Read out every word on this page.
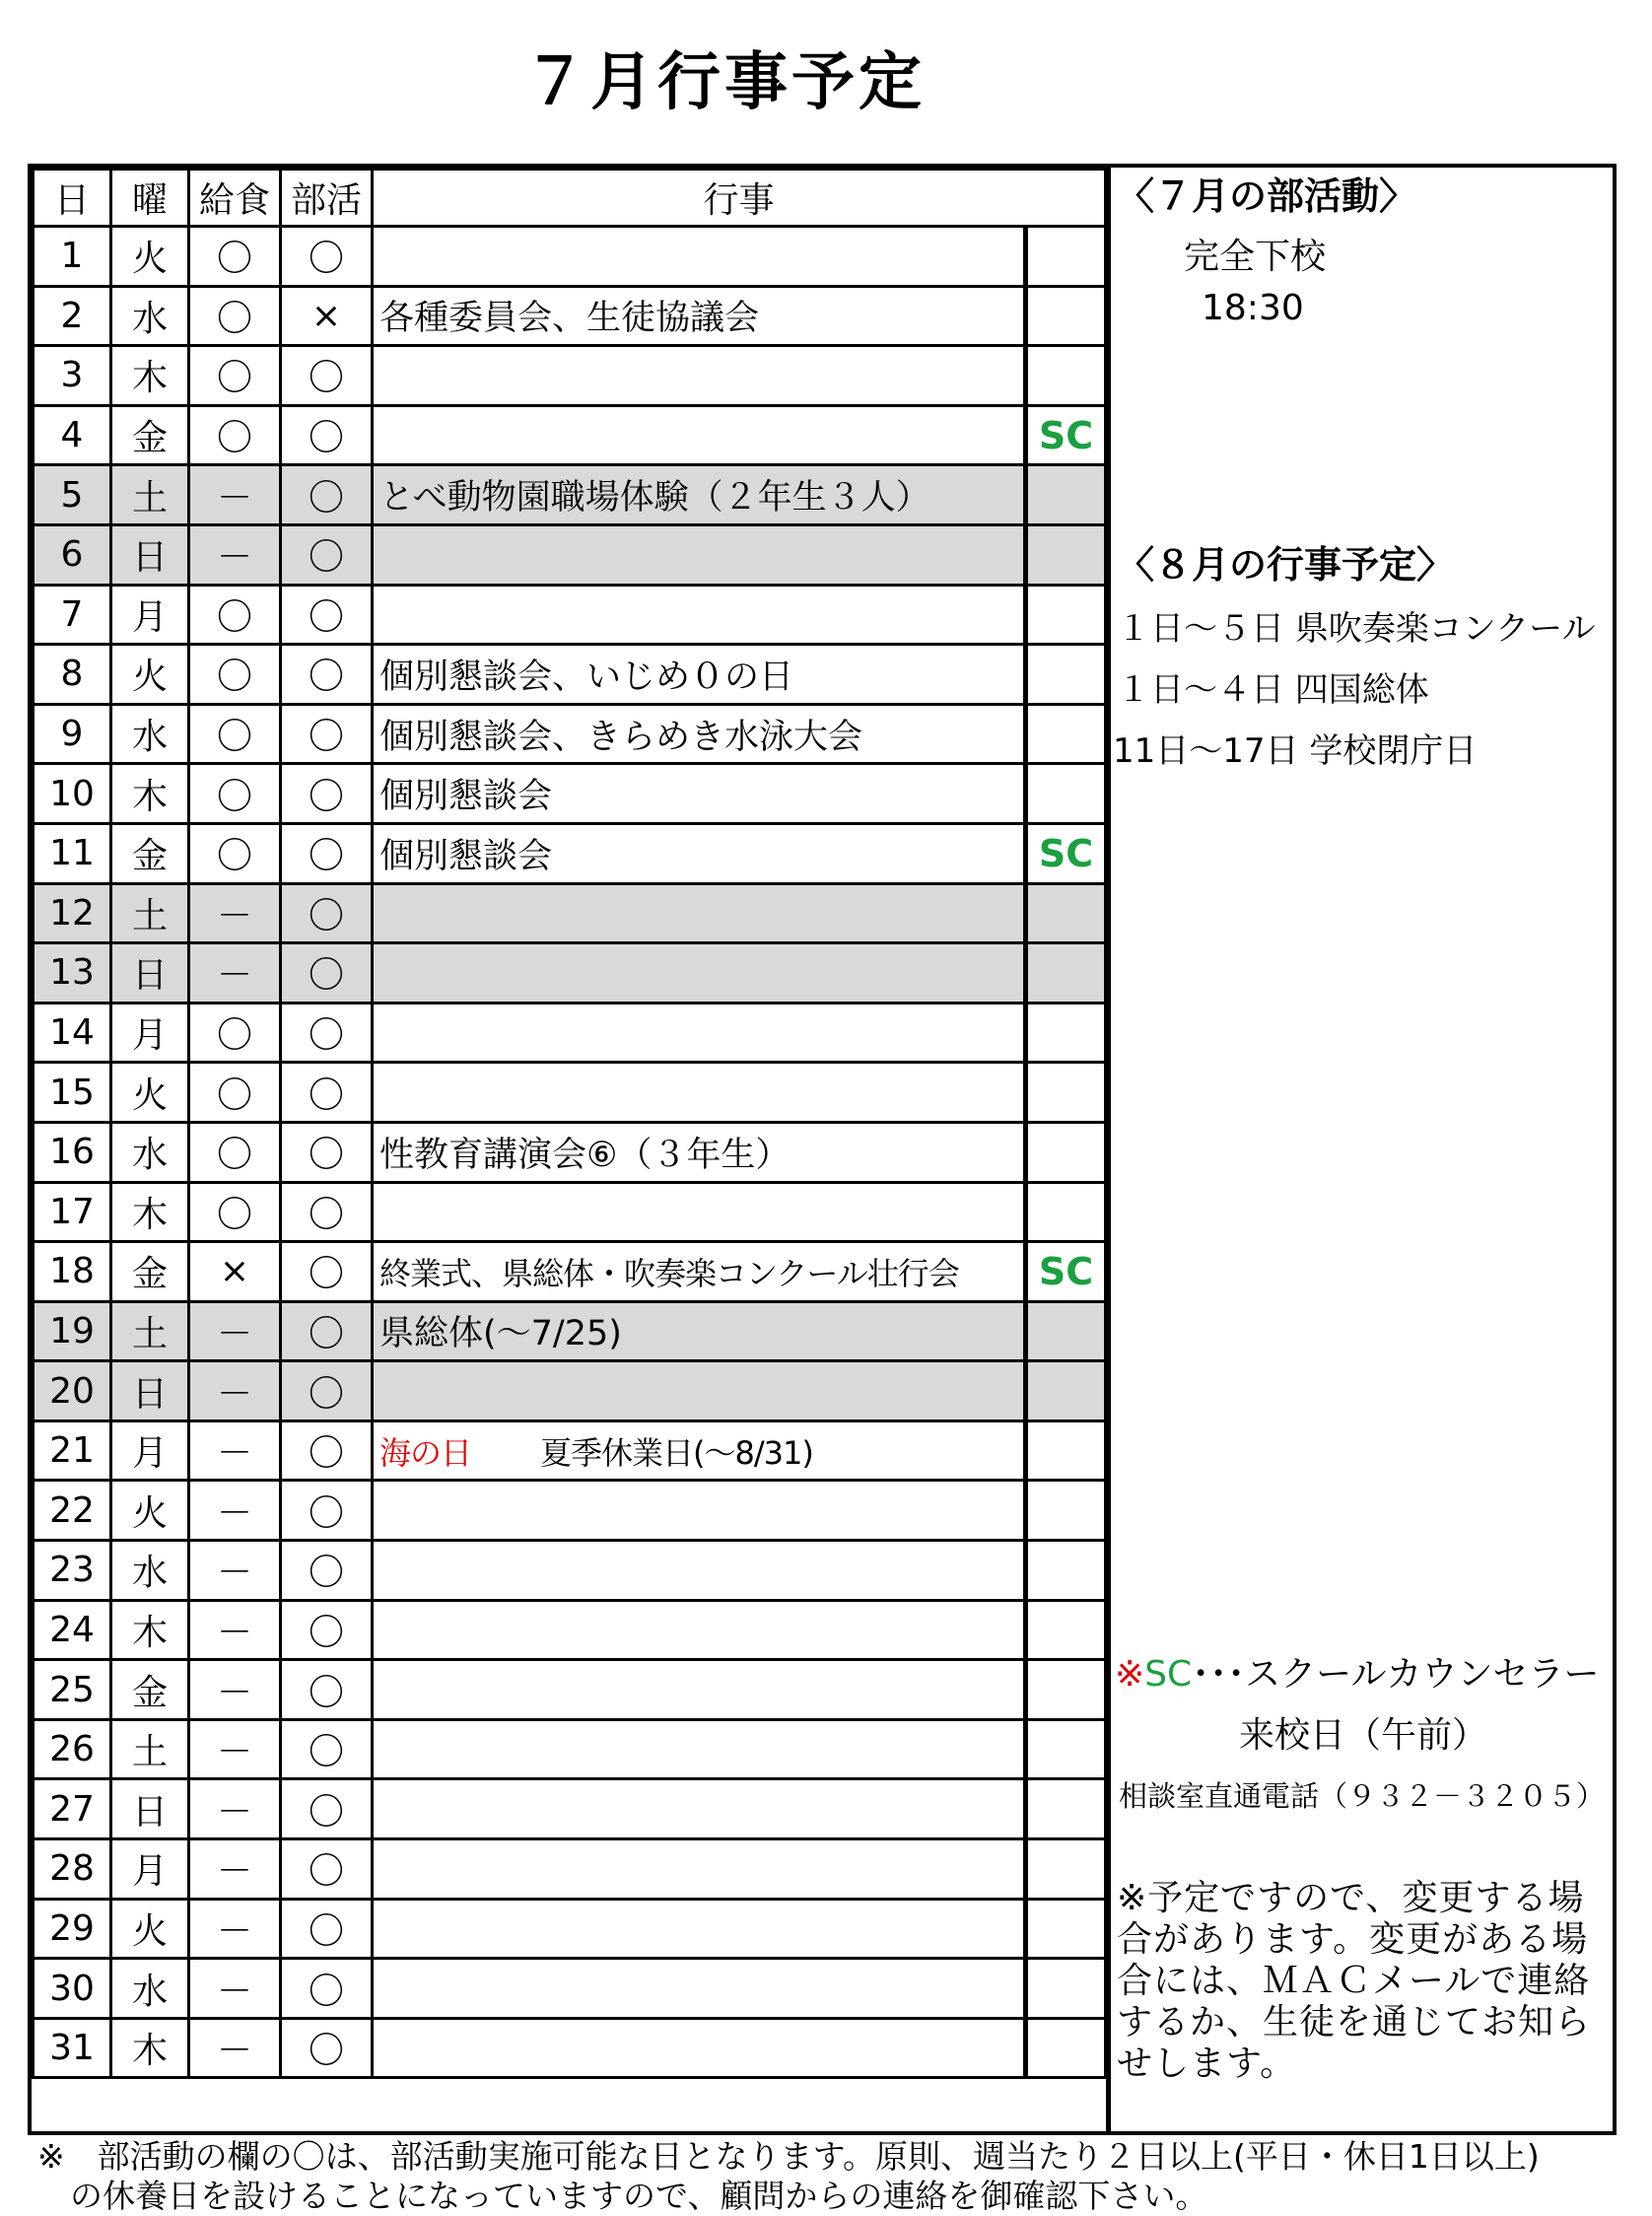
７月行事予定
日	曜	給食	部活	行事	
1	火	〇	〇		
2	水	〇	×	各種委員会、生徒協議会	
3	木	〇	〇		
4	金	〇	〇		SC
5	土	－	〇	とべ動物園職場体験（２年生３人）	
6	日	－	〇		
7	月	〇	〇		
8	火	〇	〇	個別懇談会、いじめ０の日	
9	水	〇	〇	個別懇談会、きらめき水泳大会	
10	木	〇	〇	個別懇談会	
11	金	〇	〇	個別懇談会	SC
12	土	－	〇		
13	日	－	〇		
14	月	〇	〇		
15	火	〇	〇		
16	水	〇	〇	性教育講演会⑥（３年生）	
17	木	〇	〇		
18	金	×	〇	終業式、県総体・吹奏楽コンクール壮行会	SC
19	土	－	〇	県総体(～7/25)	
20	日	－	〇		
21	月	－	〇	海の日 夏季休業日(～8/31)	
22	火	－	〇		
23	水	－	〇		
24	木	－	〇		
25	金	－	〇		
26	土	－	〇		
27	日	－	〇		
28	月	－	〇		
29	火	－	〇		
30	水	－	〇		
31	木	－	〇		
〈７月の部活動〉
完全下校
18:30
〈８月の行事予定〉
１日～５日 県吹奏楽コンクール
１日～４日 四国総体
11日～17日 学校閉庁日
※SC･･･スクールカウンセラー
来校日（午前）
相談室直通電話（９３２－３２０５）
※予定ですので、変更する場合があります。変更がある場合には、ＭＡＣメールで連絡するか、生徒を通じてお知らせします。
※　部活動の欄の〇は、部活動実施可能な日となります。原則、週当たり２日以上(平日・休日1日以上)
　の休養日を設けることになっていますので、顧問からの連絡を御確認下さい。
